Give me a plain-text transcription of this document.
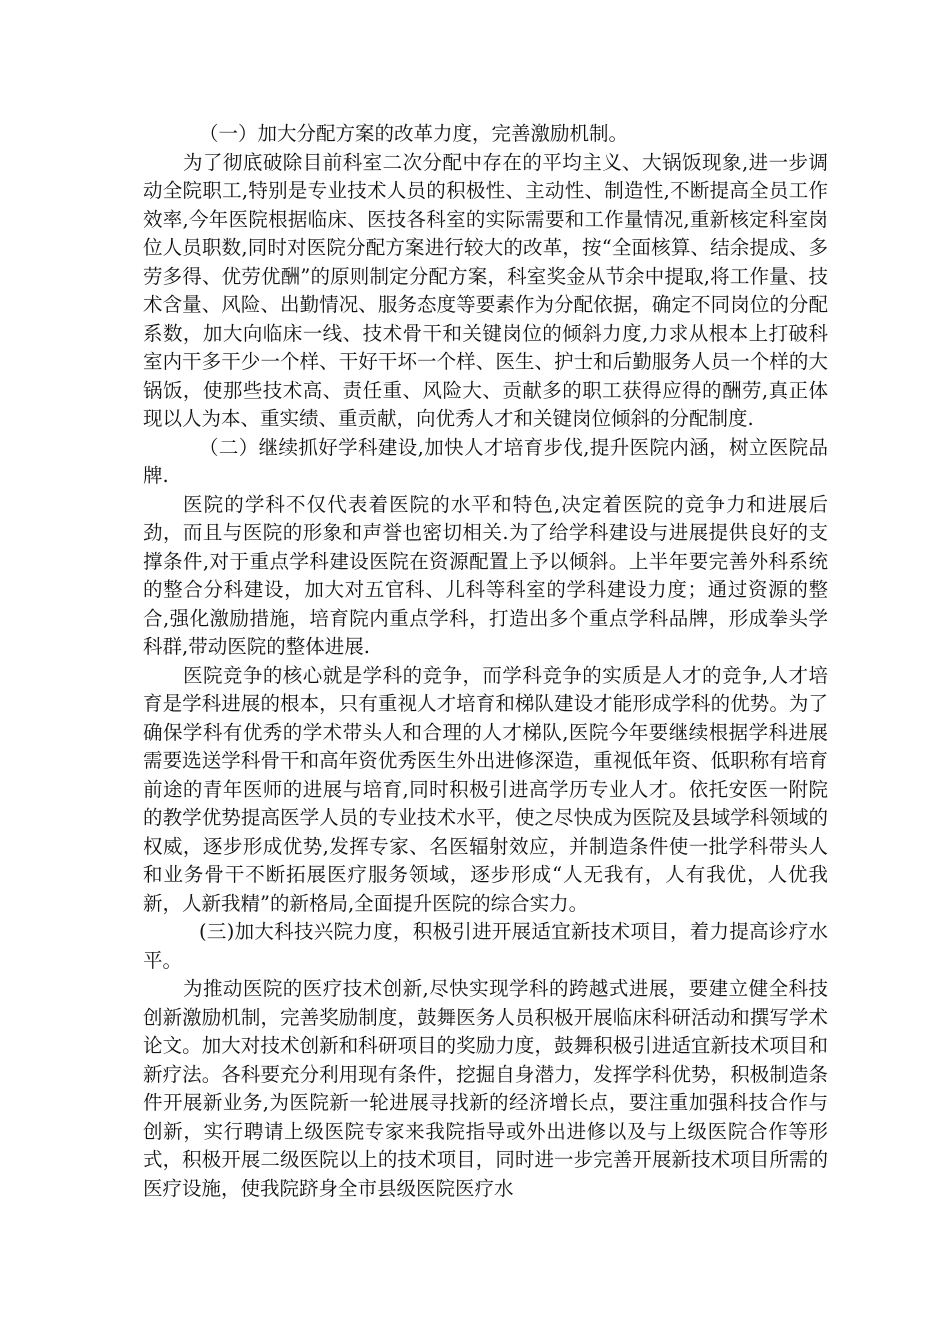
（一）加大分配方案的改革力度，完善激励机制。

为了彻底破除目前科室二次分配中存在的平均主义、大锅饭现象,进一步调动全院职工,特别是专业技术人员的积极性、主动性、制造性,不断提高全员工作效率,今年医院根据临床、医技各科室的实际需要和工作量情况,重新核定科室岗位人员职数,同时对医院分配方案进行较大的改革，按“全面核算、结余提成、多劳多得、优劳优酬”的原则制定分配方案，科室奖金从节余中提取,将工作量、技术含量、风险、出勤情况、服务态度等要素作为分配依据，确定不同岗位的分配系数，加大向临床一线、技术骨干和关键岗位的倾斜力度,力求从根本上打破科室内干多干少一个样、干好干坏一个样、医生、护士和后勤服务人员一个样的大锅饭，使那些技术高、责任重、风险大、贡献多的职工获得应得的酬劳,真正体现以人为本、重实绩、重贡献，向优秀人才和关键岗位倾斜的分配制度.

（二）继续抓好学科建设,加快人才培育步伐,提升医院内涵，树立医院品牌.

医院的学科不仅代表着医院的水平和特色,决定着医院的竞争力和进展后劲，而且与医院的形象和声誉也密切相关.为了给学科建设与进展提供良好的支撑条件,对于重点学科建设医院在资源配置上予以倾斜。上半年要完善外科系统的整合分科建设，加大对五官科、儿科等科室的学科建设力度；通过资源的整合,强化激励措施，培育院内重点学科，打造出多个重点学科品牌，形成拳头学科群,带动医院的整体进展.

医院竞争的核心就是学科的竞争，而学科竞争的实质是人才的竞争,人才培育是学科进展的根本，只有重视人才培育和梯队建设才能形成学科的优势。为了确保学科有优秀的学术带头人和合理的人才梯队,医院今年要继续根据学科进展需要选送学科骨干和高年资优秀医生外出进修深造，重视低年资、低职称有培育前途的青年医师的进展与培育,同时积极引进高学历专业人才。依托安医一附院的教学优势提高医学人员的专业技术水平，使之尽快成为医院及县域学科领域的权威，逐步形成优势,发挥专家、名医辐射效应，并制造条件使一批学科带头人和业务骨干不断拓展医疗服务领域，逐步形成“人无我有，人有我优，人优我新，人新我精”的新格局,全面提升医院的综合实力。

(三)加大科技兴院力度，积极引进开展适宜新技术项目，着力提高诊疗水平。

为推动医院的医疗技术创新,尽快实现学科的跨越式进展，要建立健全科技创新激励机制，完善奖励制度，鼓舞医务人员积极开展临床科研活动和撰写学术论文。加大对技术创新和科研项目的奖励力度，鼓舞积极引进适宜新技术项目和新疗法。各科要充分利用现有条件，挖掘自身潜力，发挥学科优势，积极制造条件开展新业务,为医院新一轮进展寻找新的经济增长点，要注重加强科技合作与创新，实行聘请上级医院专家来我院指导或外出进修以及与上级医院合作等形式，积极开展二级医院以上的技术项目，同时进一步完善开展新技术项目所需的医疗设施，使我院跻身全市县级医院医疗水
